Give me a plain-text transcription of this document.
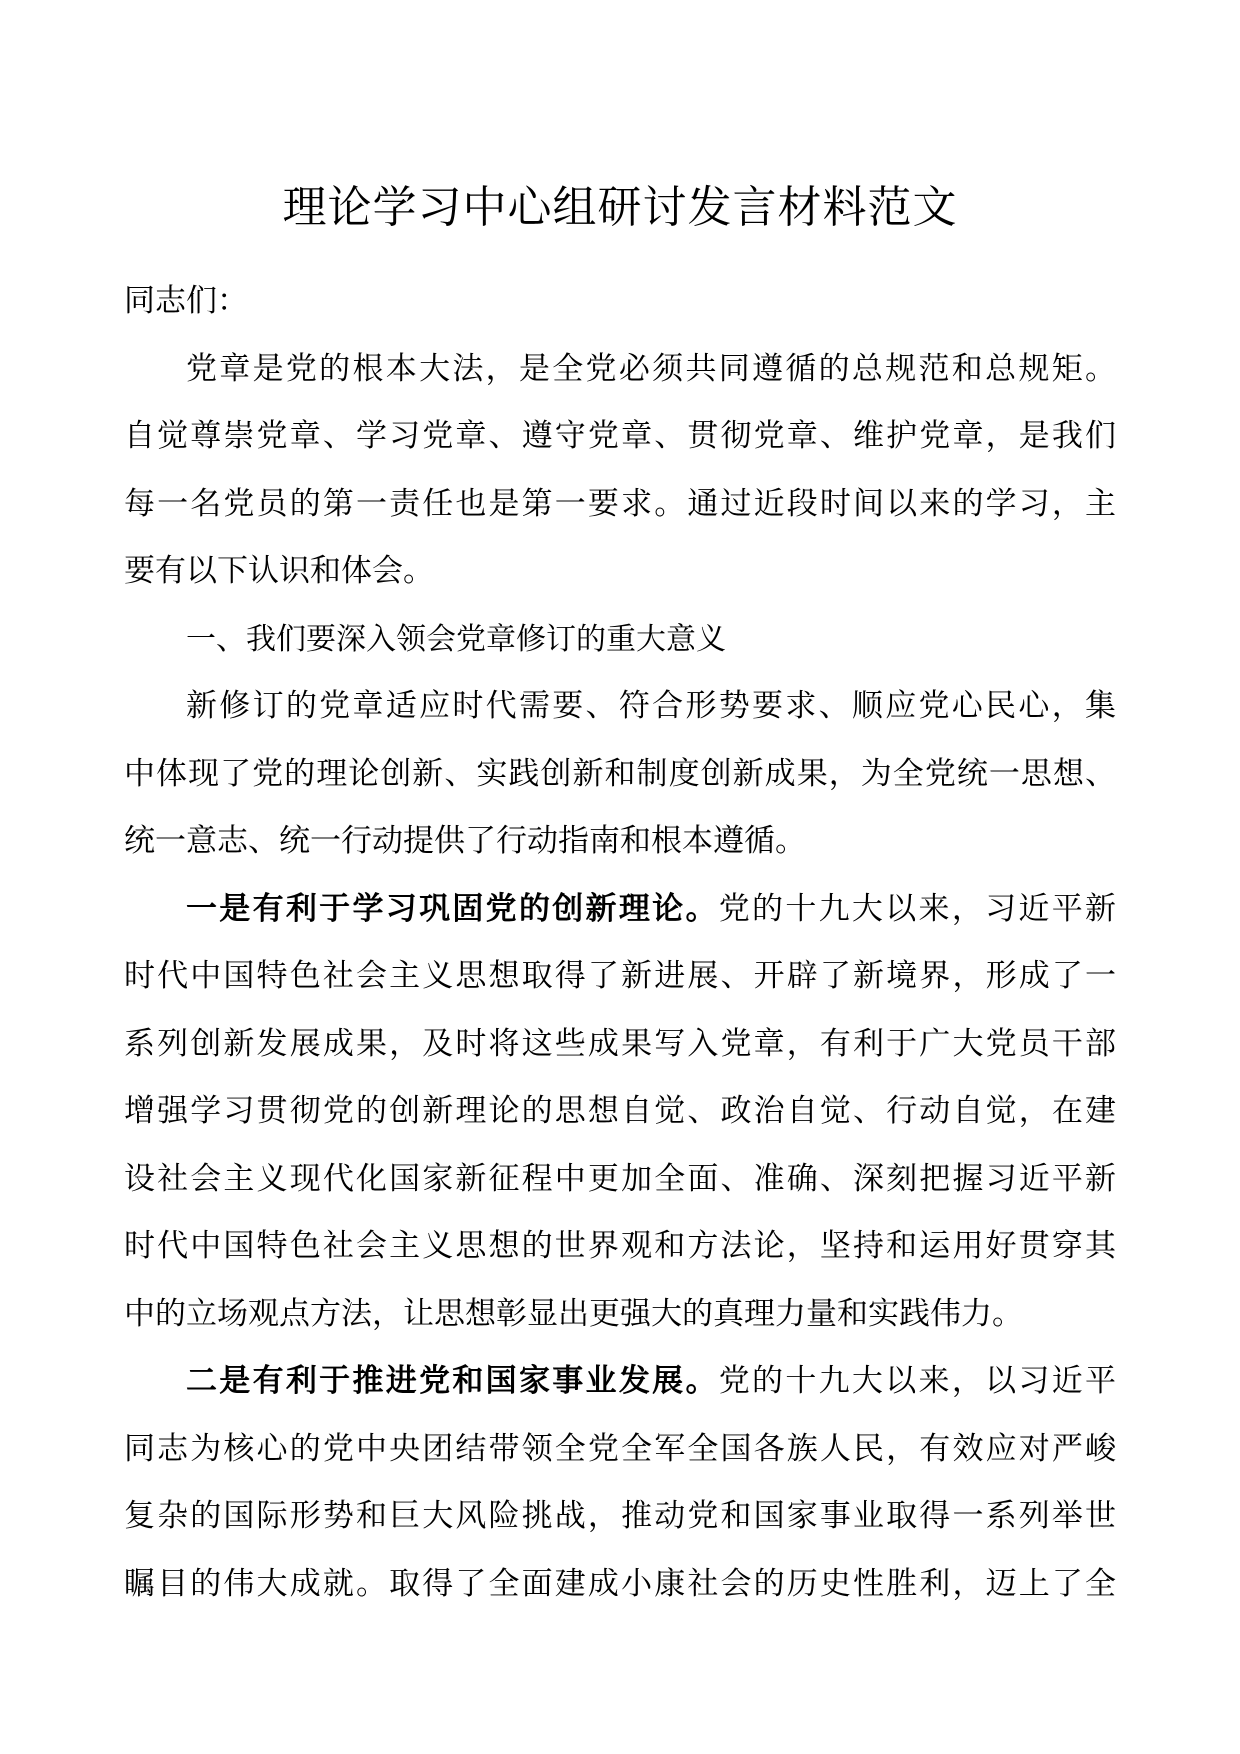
理论学习中心组研讨发言材料范文
同志们：
党章是党的根本大法，是全党必须共同遵循的总规范和总规矩。
自觉尊崇党章、学习党章、遵守党章、贯彻党章、维护党章，是我们
每一名党员的第一责任也是第一要求。通过近段时间以来的学习，主
要有以下认识和体会。
一、我们要深入领会党章修订的重大意义
新修订的党章适应时代需要、符合形势要求、顺应党心民心，集
中体现了党的理论创新、实践创新和制度创新成果，为全党统一思想、
统一意志、统一行动提供了行动指南和根本遵循。
一是有利于学习巩固党的创新理论。党的十九大以来，习近平新
时代中国特色社会主义思想取得了新进展、开辟了新境界，形成了一
系列创新发展成果，及时将这些成果写入党章，有利于广大党员干部
增强学习贯彻党的创新理论的思想自觉、政治自觉、行动自觉，在建
设社会主义现代化国家新征程中更加全面、准确、深刻把握习近平新
时代中国特色社会主义思想的世界观和方法论，坚持和运用好贯穿其
中的立场观点方法，让思想彰显出更强大的真理力量和实践伟力。
二是有利于推进党和国家事业发展。党的十九大以来，以习近平
同志为核心的党中央团结带领全党全军全国各族人民，有效应对严峻
复杂的国际形势和巨大风险挑战，推动党和国家事业取得一系列举世
瞩目的伟大成就。取得了全面建成小康社会的历史性胜利，迈上了全
